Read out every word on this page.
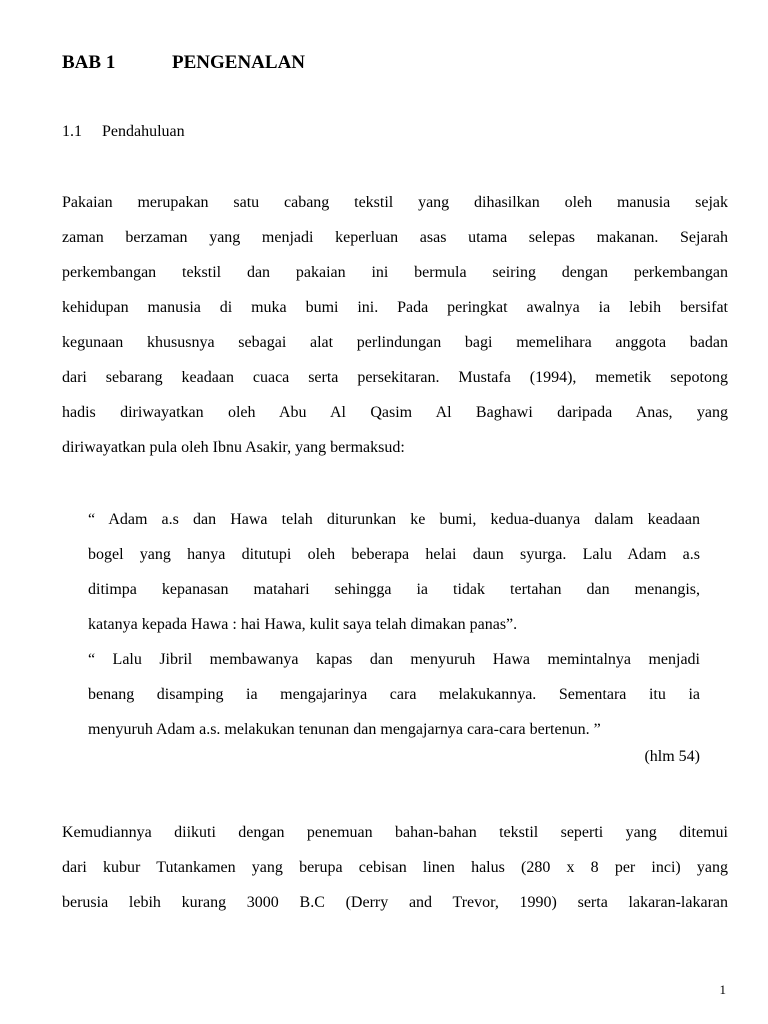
BAB 1	PENGENALAN
1.1 Pendahuluan
Pakaian merupakan satu cabang tekstil yang dihasilkan oleh manusia sejak
zaman berzaman yang menjadi keperluan asas utama selepas makanan. Sejarah
perkembangan tekstil dan pakaian ini bermula seiring dengan perkembangan
kehidupan manusia di muka bumi ini. Pada peringkat awalnya ia lebih bersifat
kegunaan khususnya sebagai alat perlindungan bagi memelihara anggota badan
dari sebarang keadaan cuaca serta persekitaran. Mustafa (1994), memetik sepotong
hadis diriwayatkan oleh Abu Al Qasim Al Baghawi daripada Anas, yang
diriwayatkan pula oleh Ibnu Asakir, yang bermaksud:
“ Adam a.s dan Hawa telah diturunkan ke bumi, kedua-duanya dalam keadaan
bogel yang hanya ditutupi oleh beberapa helai daun syurga. Lalu Adam a.s
ditimpa kepanasan matahari sehingga ia tidak tertahan dan menangis,
katanya kepada Hawa : hai Hawa, kulit saya telah dimakan panas”.
“ Lalu Jibril membawanya kapas dan menyuruh Hawa memintalnya menjadi
benang disamping ia mengajarinya cara melakukannya. Sementara itu ia
menyuruh Adam a.s. melakukan tenunan dan mengajarnya cara-cara bertenun. ”
(hlm 54)
Kemudiannya diikuti dengan penemuan bahan-bahan tekstil seperti yang ditemui
dari kubur Tutankamen yang berupa cebisan linen halus (280 x 8 per inci) yang
berusia lebih kurang 3000 B.C (Derry and Trevor, 1990) serta lakaran-lakaran
1
